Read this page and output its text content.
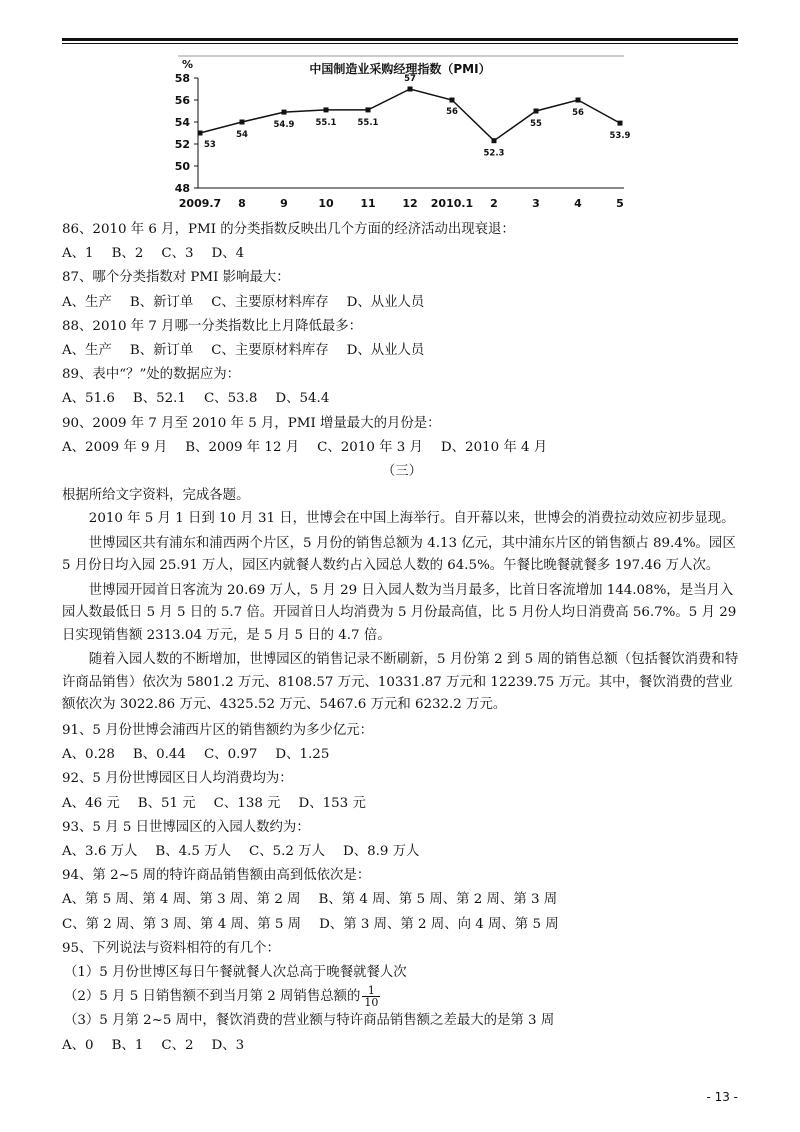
中国制造业采购经理指数（PMI）
%
58
56
54
52
50
48
2009.7 8	9	10 11 12 2010.1 2	3	4	5
53
54
54.9 55.1 55.1
57
56
52.3
55
56
53.9

86、2010 年 6 月，PMI 的分类指数反映出几个方面的经济活动出现衰退：

A、1 B、2 C、3 D、4

87、哪个分类指数对 PMI 影响最大：

A、生产 B、新订单 C、主要原材料库存 D、从业人员

88、2010 年 7 月哪一分类指数比上月降低最多：

A、生产 B、新订单 C、主要原材料库存 D、从业人员

89、表中“？”处的数据应为：

A、51.6 B、52.1 C、53.8 D、54.4

90、2009 年 7 月至 2010 年 5 月，PMI 增量最大的月份是：

A、2009 年 9 月 B、2009 年 12 月 C、2010 年 3 月 D、2010 年 4 月

（三）

根据所给文字资料，完成各题。

2010 年 5 月 1 日到 10 月 31 日，世博会在中国上海举行。自开幕以来，世博会的消费拉动效应初步显现。

世博园区共有浦东和浦西两个片区，5 月份的销售总额为 4.13 亿元，其中浦东片区的销售额占 89.4%。园区 5 月份日均入园 25.91 万人，园区内就餐人数约占入园总人数的 64.5%。午餐比晚餐就餐多 197.46 万人次。

世博园开园首日客流为 20.69 万人，5 月 29 日入园人数为当月最多，比首日客流增加 144.08%，是当月入园人数最低日 5 月 5 日的 5.7 倍。开园首日人均消费为 5 月份最高值，比 5 月份人均日消费高 56.7%。5 月 29 日实现销售额 2313.04 万元，是 5 月 5 日的 4.7 倍。

随着入园人数的不断增加，世博园区的销售记录不断刷新，5 月份第 2 到 5 周的销售总额（包括餐饮消费和特许商品销售）依次为 5801.2 万元、8108.57 万元、10331.87 万元和 12239.75 万元。其中，餐饮消费的营业额依次为 3022.86 万元、4325.52 万元、5467.6 万元和 6232.2 万元。

91、5 月份世博会浦西片区的销售额约为多少亿元：

A、0.28 B、0.44 C、0.97 D、1.25

92、5 月份世博园区日人均消费均为：

A、46 元 B、51 元 C、138 元 D、153 元

93、5 月 5 日世博园区的入园人数约为：

A、3.6 万人 B、4.5 万人 C、5.2 万人 D、8.9 万人

94、第 2~5 周的特许商品销售额由高到低依次是：

A、第 5 周、第 4 周、第 3 周、第 2 周 B、第 4 周、第 5 周、第 2 周、第 3 周

C、第 2 周、第 3 周、第 4 周、第 5 周 D、第 3 周、第 2 周、向 4 周、第 5 周

95、下列说法与资料相符的有几个：

（1）5 月份世博区每日午餐就餐人次总高于晚餐就餐人次

（2）5 月 5 日销售额不到当月第 2 周销售总额的 $\frac{1}{10}$

（3）5 月第 2~5 周中，餐饮消费的营业额与特许商品销售额之差最大的是第 3 周

A、0 B、1 C、2 D、3

- 13 -
